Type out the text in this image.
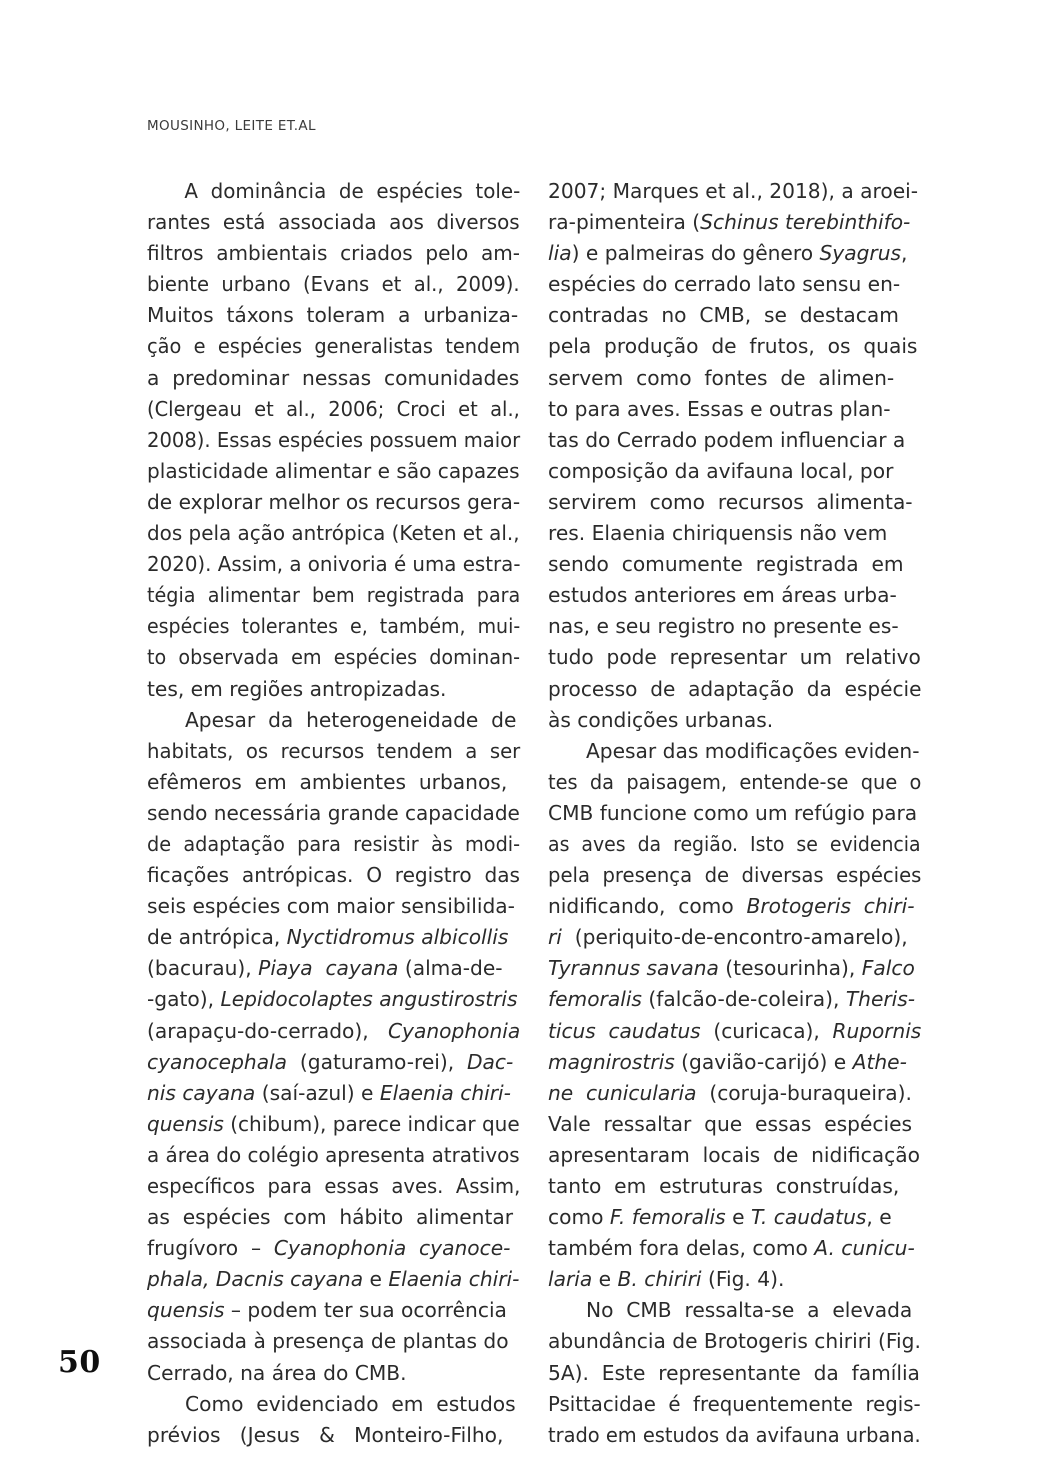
MOUSINHO, LEITE ET.AL
A  dominância  de  espécies  tole-
rantes  está  associada  aos  diversos
filtros  ambientais  criados  pelo  am-
biente  urbano  (Evans  et  al.,  2009).
Muitos  táxons  toleram  a  urbaniza-
ção  e  espécies  generalistas  tendem
a  predominar  nessas  comunidades
(Clergeau  et  al.,  2006;  Croci  et  al.,
2008). Essas espécies possuem maior
plasticidade alimentar e são capazes
de explorar melhor os recursos gera-
dos pela ação antrópica (Keten et al.,
2020). Assim, a onivoria é uma estra-
tégia  alimentar  bem  registrada  para
espécies  tolerantes  e,  também,  mui-
to  observada  em  espécies  dominan-
tes, em regiões antropizadas.
Apesar  da  heterogeneidade  de
habitats,  os  recursos  tendem  a  ser
efêmeros  em  ambientes  urbanos,
sendo necessária grande capacidade
de  adaptação  para  resistir  às  modi-
ficações  antrópicas.  O  registro  das
seis espécies com maior sensibilida-
de antrópica, Nyctidromus albicollis
(bacurau), Piaya  cayana (alma-de-
-gato), Lepidocolaptes angustirostris
(arapaçu-do-cerrado),   Cyanophonia
cyanocephala  (gaturamo-rei),  Dac-
nis cayana (saí-azul) e Elaenia chiri-
quensis (chibum), parece indicar que
a área do colégio apresenta atrativos
específicos  para  essas  aves.  Assim,
as  espécies  com  hábito  alimentar
frugívoro  –  Cyanophonia  cyanoce-
phala, Dacnis cayana e Elaenia chiri-
quensis – podem ter sua ocorrência
associada à presença de plantas do
Cerrado, na área do CMB.
Como  evidenciado  em  estudos
prévios   (Jesus   &   Monteiro-Filho,
2007; Marques et al., 2018), a aroei-
ra-pimenteira (Schinus terebinthifo-
lia) e palmeiras do gênero Syagrus,
espécies do cerrado lato sensu en-
contradas  no  CMB,  se  destacam
pela  produção  de  frutos,  os  quais
servem  como  fontes  de  alimen-
to para aves. Essas e outras plan-
tas do Cerrado podem influenciar a
composição da avifauna local, por
servirem  como  recursos  alimenta-
res. Elaenia chiriquensis não vem
sendo  comumente  registrada  em
estudos anteriores em áreas urba-
nas, e seu registro no presente es-
tudo  pode  representar  um  relativo
processo  de  adaptação  da  espécie
às condições urbanas.
Apesar das modificações eviden-
tes  da  paisagem,  entende-se  que  o
CMB funcione como um refúgio para
as  aves  da  região.  Isto  se  evidencia
pela  presença  de  diversas  espécies
nidificando,  como  Brotogeris  chiri-
ri  (periquito-de-encontro-amarelo),
Tyrannus savana (tesourinha), Falco
femoralis (falcão-de-coleira), Theris-
ticus  caudatus  (curicaca),  Rupornis
magnirostris (gavião-carijó) e Athe-
ne  cunicularia  (coruja-buraqueira).
Vale  ressaltar  que  essas  espécies
apresentaram  locais  de  nidificação
tanto  em  estruturas  construídas,
como F. femoralis e T. caudatus, e
também fora delas, como A. cunicu-
laria e B. chiriri (Fig. 4).
No  CMB  ressalta-se  a  elevada
abundância de Brotogeris chiriri (Fig.
5A).  Este  representante  da  família
Psittacidae  é  frequentemente  regis-
trado em estudos da avifauna urbana.
50
